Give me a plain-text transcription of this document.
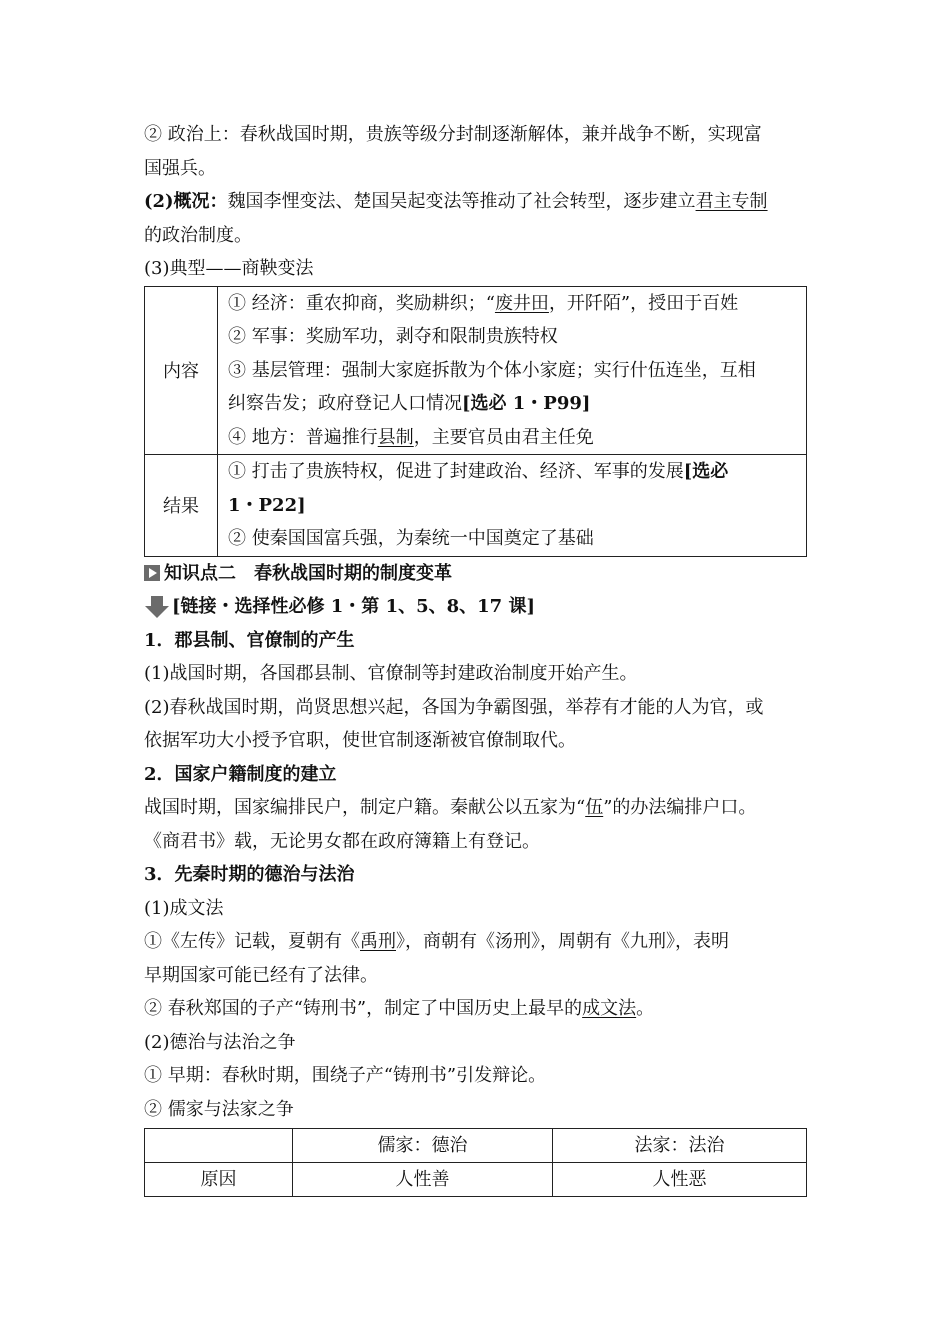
② 政治上：春秋战国时期，贵族等级分封制逐渐解体，兼并战争不断，实现富
国强兵。
(2)概况：魏国李悝变法、楚国吴起变法等推动了社会转型，逐步建立君主专制
的政治制度。
(3)典型——商鞅变法
内容	① 经济：重农抑商，奖励耕织；“废井田，开阡陌”，授田于百姓
② 军事：奖励军功，剥夺和限制贵族特权
③ 基层管理：强制大家庭拆散为个体小家庭；实行什伍连坐，互相
纠察告发；政府登记人口情况[选必 1・P99]
④ 地方：普遍推行县制，主要官员由君主任免

结果	① 打击了贵族特权，促进了封建政治、经济、军事的发展[选必
1・P22]
② 使秦国国富兵强，为秦统一中国奠定了基础
知识点二　春秋战国时期的制度变革
[链接・选择性必修 1・第 1、5、8、17 课]
1．郡县制、官僚制的产生
(1)战国时期，各国郡县制、官僚制等封建政治制度开始产生。
(2)春秋战国时期，尚贤思想兴起，各国为争霸图强，举荐有才能的人为官，或
依据军功大小授予官职，使世官制逐渐被官僚制取代。
2．国家户籍制度的建立
战国时期，国家编排民户，制定户籍。秦献公以五家为“伍”的办法编排户口。
《商君书》载，无论男女都在政府簿籍上有登记。
3．先秦时期的德治与法治
(1)成文法
①《左传》记载，夏朝有《禹刑》，商朝有《汤刑》，周朝有《九刑》，表明
早期国家可能已经有了法律。
② 春秋郑国的子产“铸刑书”，制定了中国历史上最早的成文法。
(2)德治与法治之争
① 早期：春秋时期，围绕子产“铸刑书”引发辩论。
② 儒家与法家之争
	儒家：德治	法家：法治
原因	人性善	人性恶
